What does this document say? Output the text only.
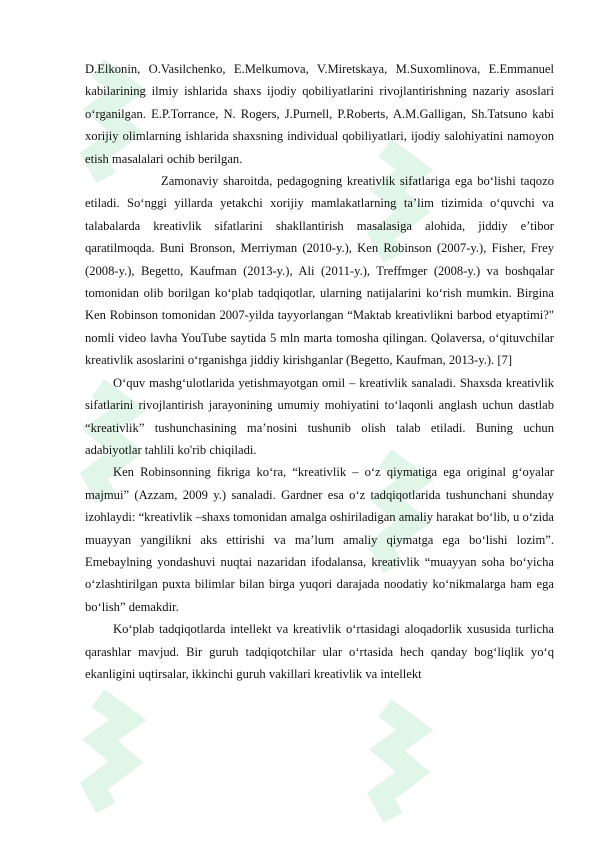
D.Elkonin, O.Vasilchenko, E.Melkumova, V.Miretskaya, M.Suxomlinova, E.Emmanuel kabilarining ilmiy ishlarida shaxs ijodiy qobiliyatlarini rivojlantirishning nazariy asoslari o‘rganilgan. E.P.Torrance, N. Rogers, J.Purnell, P.Roberts, A.M.Galligan, Sh.Tatsuno kabi xorijiy olimlarning ishlarida shaxsning individual qobiliyatlari, ijodiy salohiyatini namoyon etish masalalari ochib berilgan.

Zamonaviy sharoitda, pedagogning kreativlik sifatlariga ega bo‘lishi taqozo etiladi. So‘nggi yillarda yetakchi xorijiy mamlakatlarning ta’lim tizimida o‘quvchi va talabalarda kreativlik sifatlarini shakllantirish masalasiga alohida, jiddiy e’tibor qaratilmoqda. Buni Bronson, Merriyman (2010-y.), Ken Robinson (2007-y.), Fisher, Frey (2008-y.), Begetto, Kaufman (2013-y.), Ali (2011-y.), Treffmger (2008-y.) va boshqalar tomonidan olib borilgan ko‘plab tadqiqotlar, ularning natijalarini ko‘rish mumkin. Birgina Ken Robinson tomonidan 2007-yilda tayyorlangan “Maktab kreativlikni barbod etyaptimi?" nomli video lavha YouTube saytida 5 mln marta tomosha qilingan. Qolaversa, o‘qituvchilar kreativlik asoslarini o‘rganishga jiddiy kirishganlar (Begetto, Kaufman, 2013-y.). [7]

O‘quv mashg‘ulotlarida yetishmayotgan omil – kreativlik sanaladi. Shaxsda kreativlik sifatlarini rivojlantirish jarayonining umumiy mohiyatini to‘laqonli anglash uchun dastlab “kreativlik” tushunchasining ma’nosini tushunib olish talab etiladi. Buning uchun adabiyotlar tahlili ko'rib chiqiladi.

Ken Robinsonning fikriga ko‘ra, “kreativlik – o‘z qiymatiga ega original g‘oyalar majmui” (Azzam, 2009 y.) sanaladi. Gardner esa o‘z tadqiqotlarida tushunchani shunday izohlaydi: “kreativlik –shaxs tomonidan amalga oshiriladigan amaliy harakat bo‘lib, u o‘zida muayyan yangilikni aks ettirishi va ma’lum amaliy qiymatga ega bo‘lishi lozim”. Emebaylning yondashuvi nuqtai nazaridan ifodalansa, kreativlik “muayyan soha bo‘yicha o‘zlashtirilgan puxta bilimlar bilan birga yuqori darajada noodatiy ko‘nikmalarga ham ega bo‘lish” demakdir.

Ko‘plab tadqiqotlarda intellekt va kreativlik o‘rtasidagi aloqadorlik xususida turlicha qarashlar mavjud. Bir guruh tadqiqotchilar ular o‘rtasida hech qanday bog‘liqlik yo‘q ekanligini uqtirsalar, ikkinchi guruh vakillari kreativlik va intellekt
